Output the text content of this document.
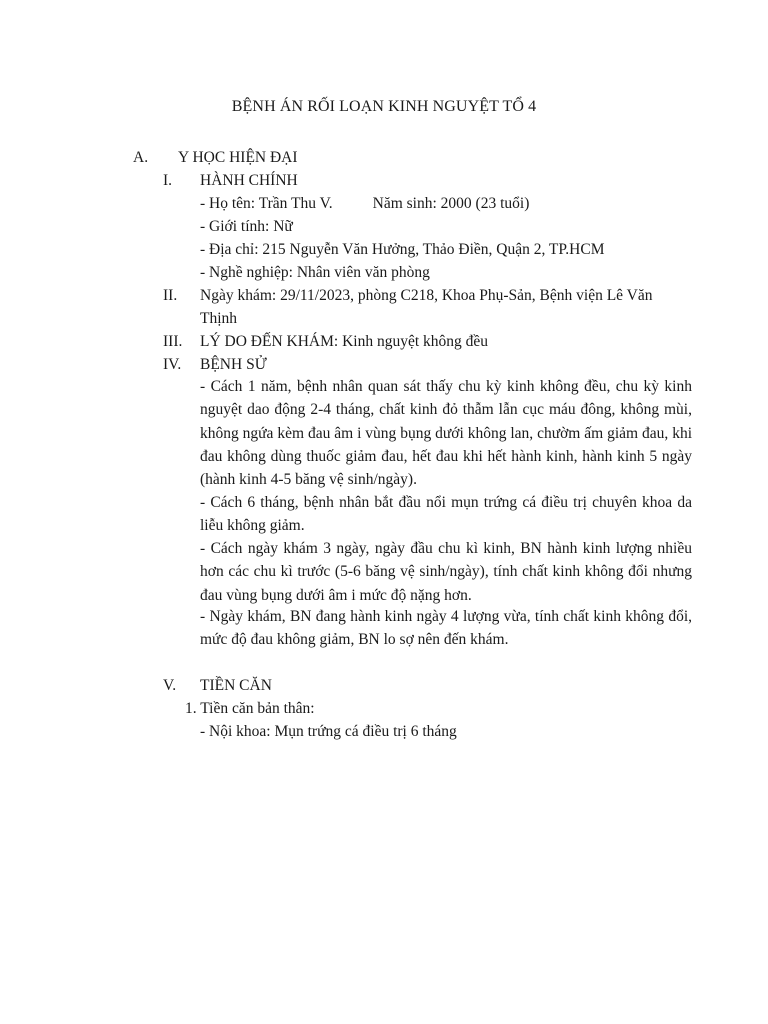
BỆNH ÁN RỐI LOẠN KINH NGUYỆT TỔ 4
A. Y HỌC HIỆN ĐẠI
I. HÀNH CHÍNH
- Họ tên: Trần Thu V.	Năm sinh: 2000 (23 tuổi)
- Giới tính: Nữ
- Địa chỉ: 215 Nguyễn Văn Hưởng, Thảo Điền, Quận 2, TP.HCM
- Nghề nghiệp: Nhân viên văn phòng
II. Ngày khám: 29/11/2023, phòng C218, Khoa Phụ-Sản, Bệnh viện Lê Văn
Thịnh
III. LÝ DO ĐẾN KHÁM: Kinh nguyệt không đều
IV. BỆNH SỬ
- Cách 1 năm, bệnh nhân quan sát thấy chu kỳ kinh không đều, chu kỳ kinh nguyệt dao động 2-4 tháng, chất kinh đỏ thẫm lẫn cục máu đông, không mùi, không ngứa kèm đau âm i vùng bụng dưới không lan, chườm ấm giảm đau, khi đau không dùng thuốc giảm đau, hết đau khi hết hành kinh, hành kinh 5 ngày (hành kinh 4-5 băng vệ sinh/ngày).
- Cách 6 tháng, bệnh nhân bắt đầu nổi mụn trứng cá điều trị chuyên khoa da liễu không giảm.
- Cách ngày khám 3 ngày, ngày đầu chu kì kinh, BN hành kinh lượng nhiều hơn các chu kì trước (5-6 băng vệ sinh/ngày), tính chất kinh không đổi nhưng đau vùng bụng dưới âm i mức độ nặng hơn.
- Ngày khám, BN đang hành kinh ngày 4 lượng vừa, tính chất kinh không đổi, mức độ đau không giảm, BN lo sợ nên đến khám.
V. TIỀN CĂN
1. Tiền căn bản thân:
- Nội khoa: Mụn trứng cá điều trị 6 tháng
